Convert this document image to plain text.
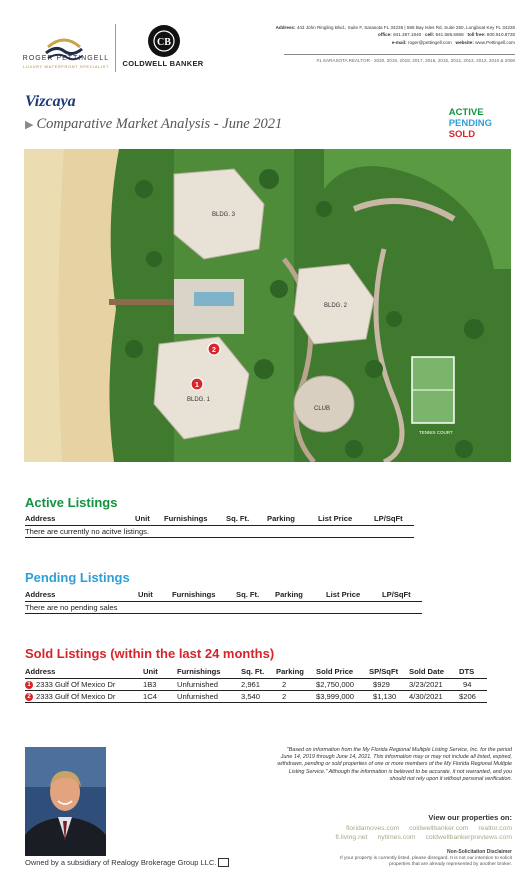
ROGER PETTINGELL
LUXURY WATERFRONT SPECIALIST
CB
COLDWELL BANKER
Address: 443 John Ringling Blvd., Suite F, Sarasota FL 34236 | 595 Bay Isles Rd, Suite 250, Longboat Key FL 34228
office: 941.387.1840 cell: 941.586.6668 toll free: 800.910.8728
e-mail: roger@pettingell.com website: www.Pettingell.com
#1 SARASOTA REALTOR - 2020, 2019, 2018, 2017, 2016, 2015, 2014, 2013, 2012, 2010 & 2008
Vizcaya
▶ Comparative Market Analysis - June 2021
ACTIVE
PENDING
SOLD
BLDG. 3
BLDG. 1
BLDG. 2
CLUB
TENNIS COURT
2
1
Active Listings
Address	Unit	Furnishings	Sq. Ft.	Parking	List Price	LP/SqFt
There are currently no acitve listings.
Pending Listings
Address	Unit	Furnishings	Sq. Ft.	Parking	List Price	LP/SqFt
There are no pending sales
Sold Listings (within the last 24 months)
Address	Unit	Furnishings	Sq. Ft.	Parking	Sold Price	SP/SqFt	Sold Date	DTS
1 2333 Gulf Of Mexico Dr	1B3	Unfurnished	2,961	2	$2,750,000	$929	3/23/2021	94
2 2333 Gulf Of Mexico Dr	1C4	Unfurnished	3,540	2	$3,999,000	$1,130	4/30/2021	$206
Owned by a subsidiary of Realogy Brokerage Group LLC.
"Based on information from the My Florida Regional Multiple Listing Service, Inc. for the period June 14, 2019 through June 14, 2021. This information may or may not include all listed, expired, withdrawn, pending or sold properties of one or more members of the My Florida Regional Multiple Listing Service." Although the information is believed to be accurate, it not warranted, and you should not rely upon it without personal verification.
View our properties on:
floridamoves.com coldwellbanker.com realtor.com
fl.living.net nytimes.com coldwellbankerpreviews.com
Non-Solicitation Disclaimer
If your property is currently listed, please disregard. It is not our intention to solicit properties that are already represented by another broker.
